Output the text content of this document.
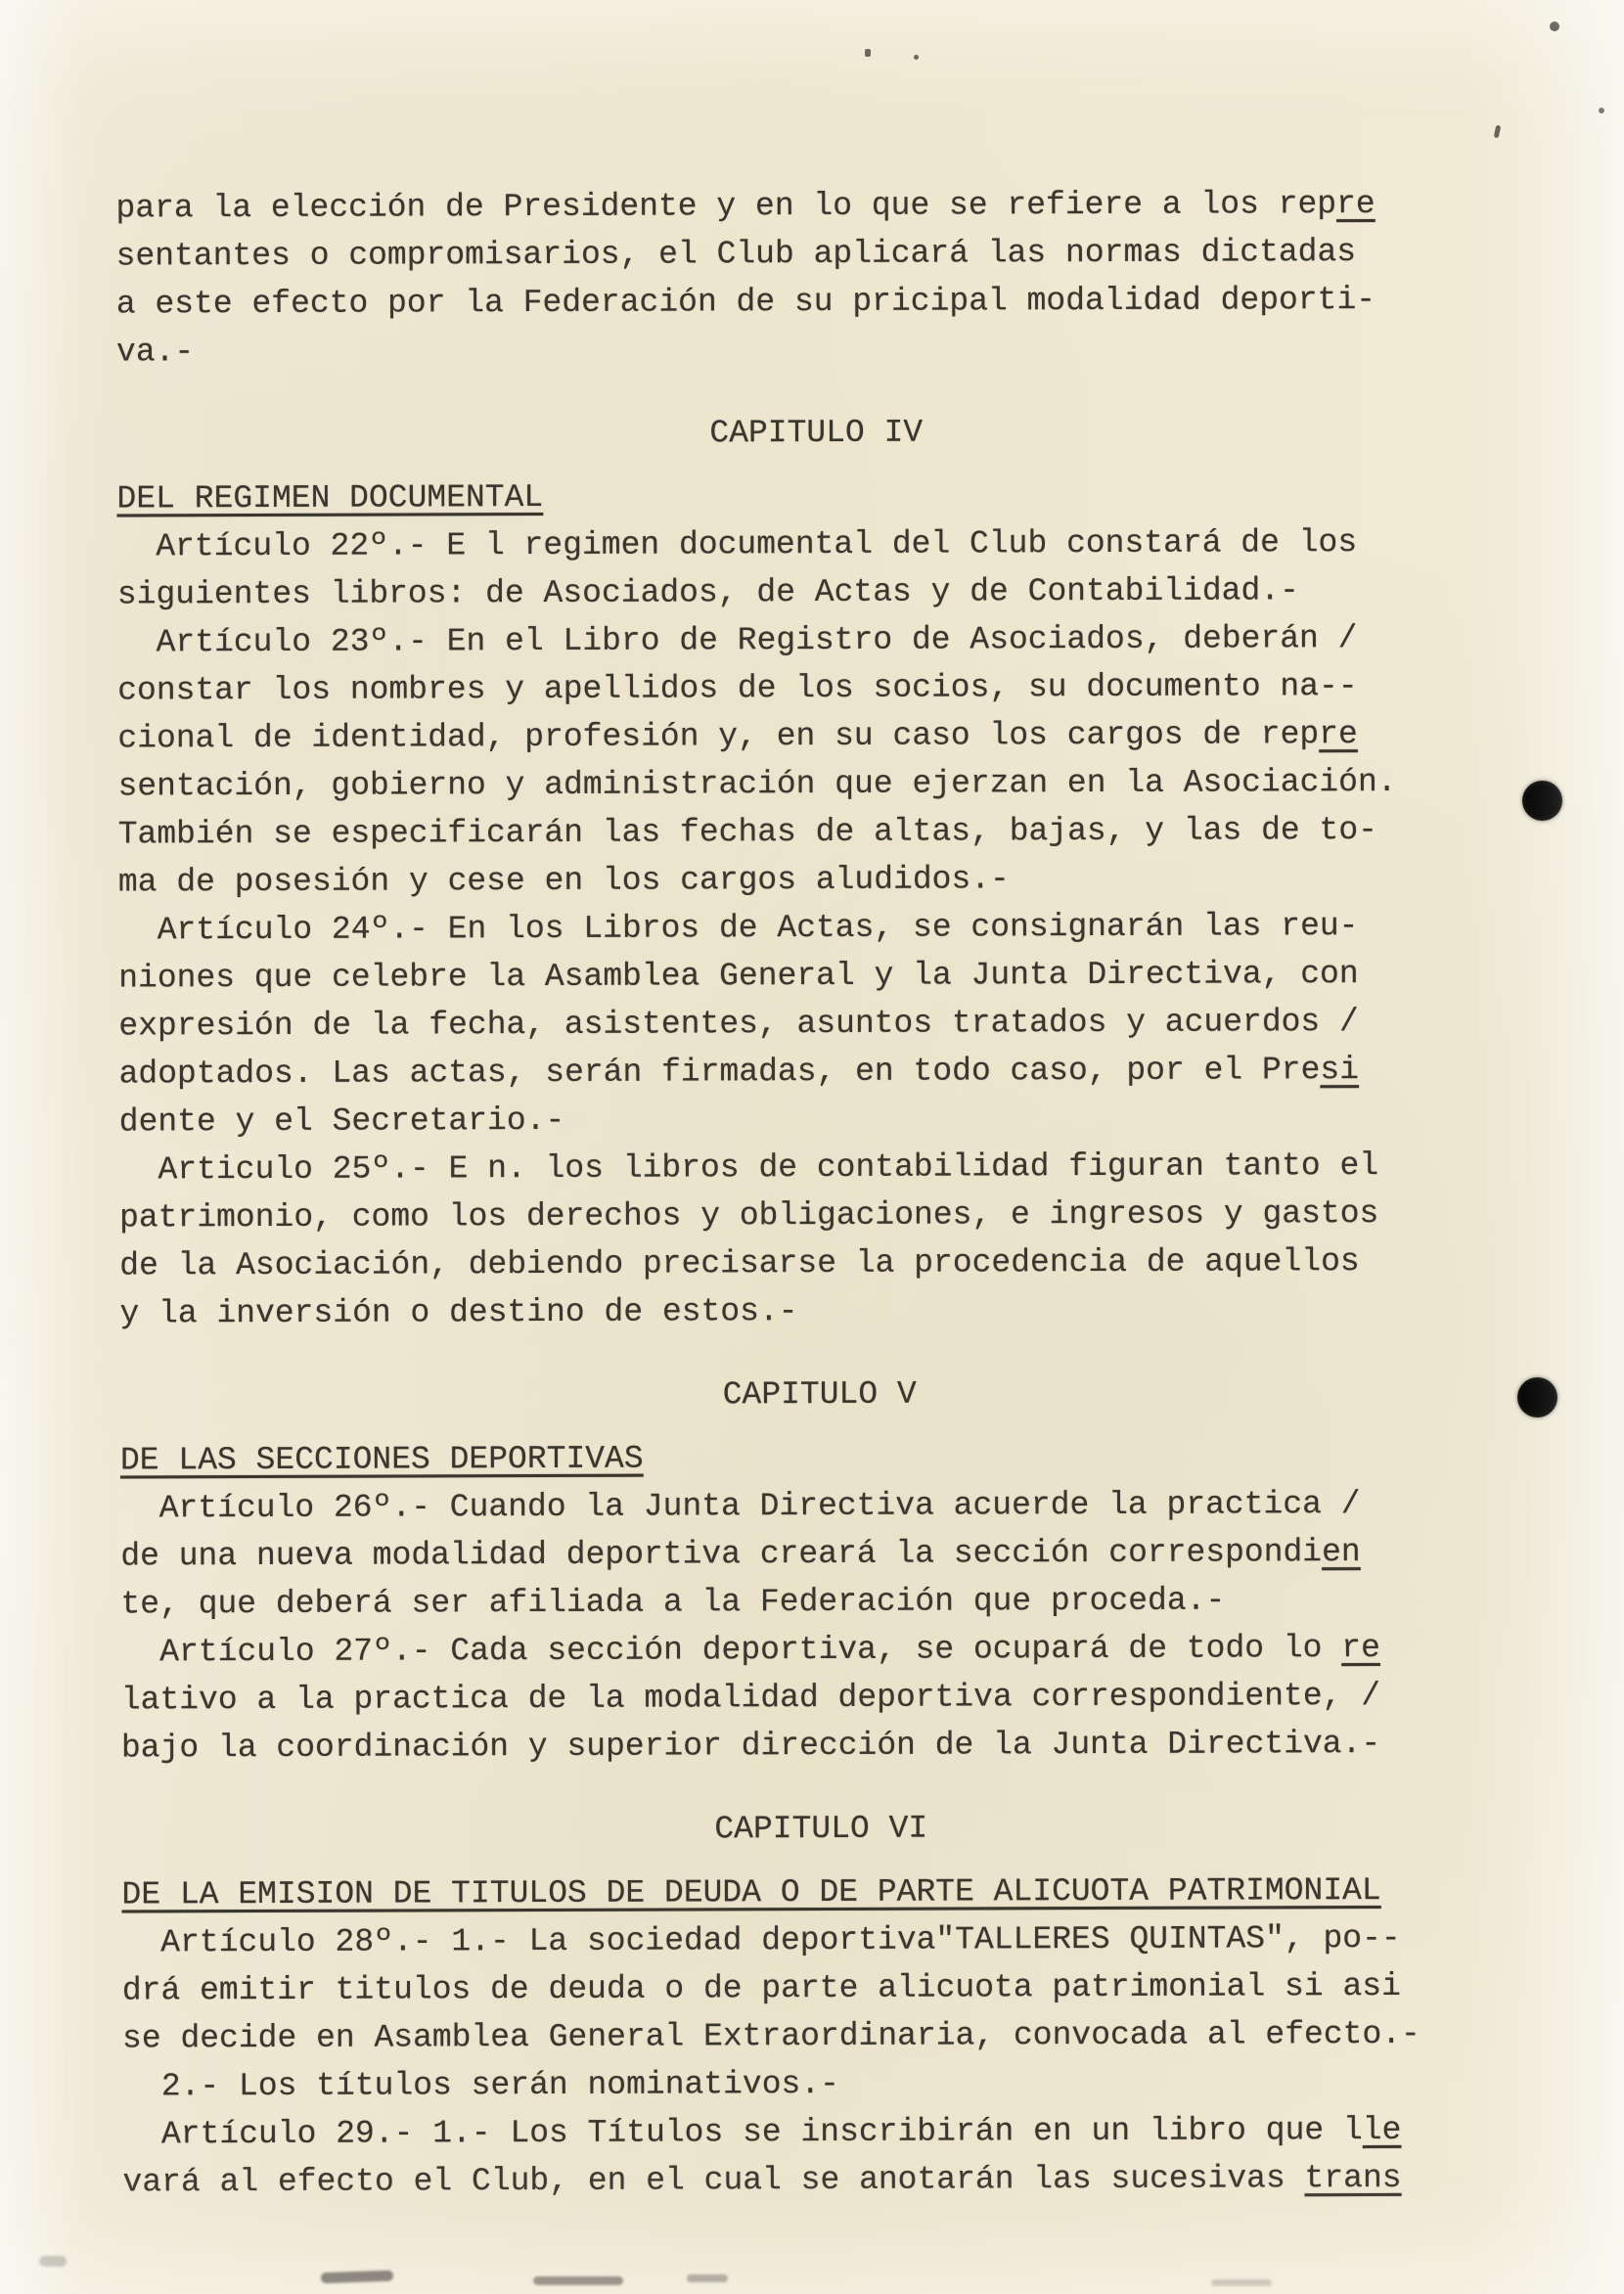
para la elección de Presidente y en lo que se refiere a los repre
sentantes o compromisarios, el Club aplicará las normas dictadas
a este efecto por la Federación de su pricipal modalidad deporti-
va.-
CAPITULO IV
DEL REGIMEN DOCUMENTAL
Artículo 22º.- E l regimen documental del Club constará de los
siguientes libros: de Asociados, de Actas y de Contabilidad.-
Artículo 23º.- En el Libro de Registro de Asociados, deberán /
constar los nombres y apellidos de los socios, su documento na--
cional de identidad, profesión y, en su caso los cargos de repre
sentación, gobierno y administración que ejerzan en la Asociación.
También se especificarán las fechas de altas, bajas, y las de to-
ma de posesión y cese en los cargos aludidos.-
Artículo 24º.- En los Libros de Actas, se consignarán las reu-
niones que celebre la Asamblea General y la Junta Directiva, con
expresión de la fecha, asistentes, asuntos tratados y acuerdos /
adoptados. Las actas, serán firmadas, en todo caso, por el Presi
dente y el Secretario.-
Articulo 25º.- E n. los libros de contabilidad figuran tanto el
patrimonio, como los derechos y obligaciones, e ingresos y gastos
de la Asociación, debiendo precisarse la procedencia de aquellos
y la inversión o destino de estos.-
CAPITULO V
DE LAS SECCIONES DEPORTIVAS
Artículo 26º.- Cuando la Junta Directiva acuerde la practica /
de una nueva modalidad deportiva creará la sección correspondien
te, que deberá ser afiliada a la Federación que proceda.-
Artículo 27º.- Cada sección deportiva, se ocupará de todo lo re
lativo a la practica de la modalidad deportiva correspondiente, /
bajo la coordinación y superior dirección de la Junta Directiva.-
CAPITULO VI
DE LA EMISION DE TITULOS DE DEUDA O DE PARTE ALICUOTA PATRIMONIAL
Artículo 28º.- 1.- La sociedad deportiva"TALLERES QUINTAS", po--
drá emitir titulos de deuda o de parte alicuota patrimonial si asi
se decide en Asamblea General Extraordinaria, convocada al efecto.-
2.- Los títulos serán nominativos.-
Artículo 29.- 1.- Los Títulos se inscribirán en un libro que lle
vará al efecto el Club, en el cual se anotarán las sucesivas trans
